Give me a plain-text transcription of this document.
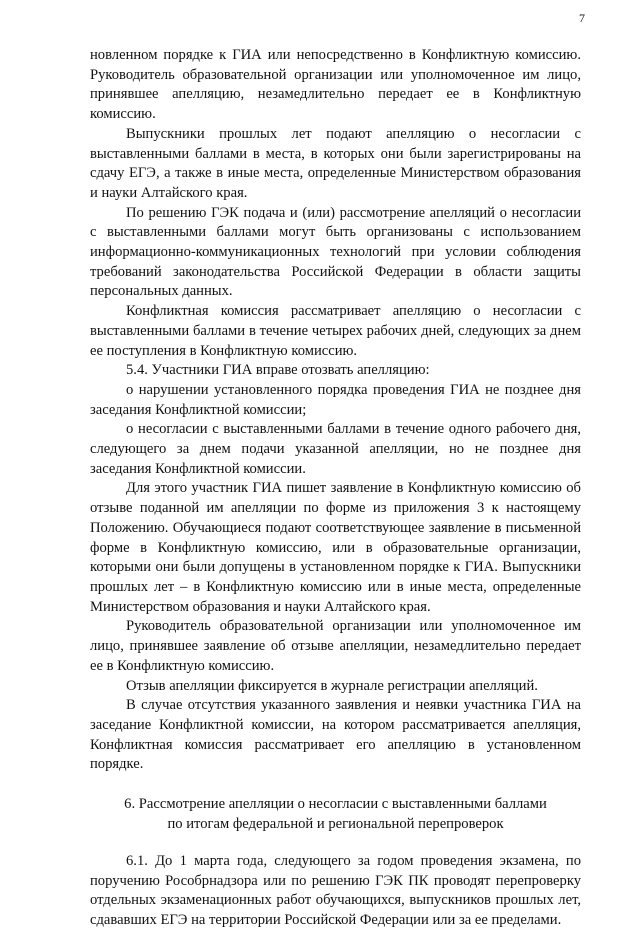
7

новленном порядке к ГИА или непосредственно в Конфликтную комиссию. Руководитель образовательной организации или уполномоченное им лицо, принявшее апелляцию, незамедлительно передает ее в Конфликтную комиссию.

Выпускники прошлых лет подают апелляцию о несогласии с выставленными баллами в места, в которых они были зарегистрированы на сдачу ЕГЭ, а также в иные места, определенные Министерством образования и науки Алтайского края.

По решению ГЭК подача и (или) рассмотрение апелляций о несогласии с выставленными баллами могут быть организованы с использованием информационно-коммуникационных технологий при условии соблюдения требований законодательства Российской Федерации в области защиты персональных данных.

Конфликтная комиссия рассматривает апелляцию о несогласии с выставленными баллами в течение четырех рабочих дней, следующих за днем ее поступления в Конфликтную комиссию.

5.4. Участники ГИА вправе отозвать апелляцию:

о нарушении установленного порядка проведения ГИА не позднее дня заседания Конфликтной комиссии;

о несогласии с выставленными баллами в течение одного рабочего дня, следующего за днем подачи указанной апелляции, но не позднее дня заседания Конфликтной комиссии.

Для этого участник ГИА пишет заявление в Конфликтную комиссию об отзыве поданной им апелляции по форме из приложения 3 к настоящему Положению. Обучающиеся подают соответствующее заявление в письменной форме в Конфликтную комиссию, или в образовательные организации, которыми они были допущены в установленном порядке к ГИА. Выпускники прошлых лет – в Конфликтную комиссию или в иные места, определенные Министерством образования и науки Алтайского края.

Руководитель образовательной организации или уполномоченное им лицо, принявшее заявление об отзыве апелляции, незамедлительно передает ее в Конфликтную комиссию.

Отзыв апелляции фиксируется в журнале регистрации апелляций.

В случае отсутствия указанного заявления и неявки участника ГИА на заседание Конфликтной комиссии, на котором рассматривается апелляция, Конфликтная комиссия рассматривает его апелляцию в установленном порядке.

6. Рассмотрение апелляции о несогласии с выставленными баллами
по итогам федеральной и региональной перепроверок

6.1. До 1 марта года, следующего за годом проведения экзамена, по поручению Рособрнадзора или по решению ГЭК ПК проводят перепроверку отдельных экзаменационных работ обучающихся, выпускников прошлых лет, сдававших ЕГЭ на территории Российской Федерации или за ее пределами.
